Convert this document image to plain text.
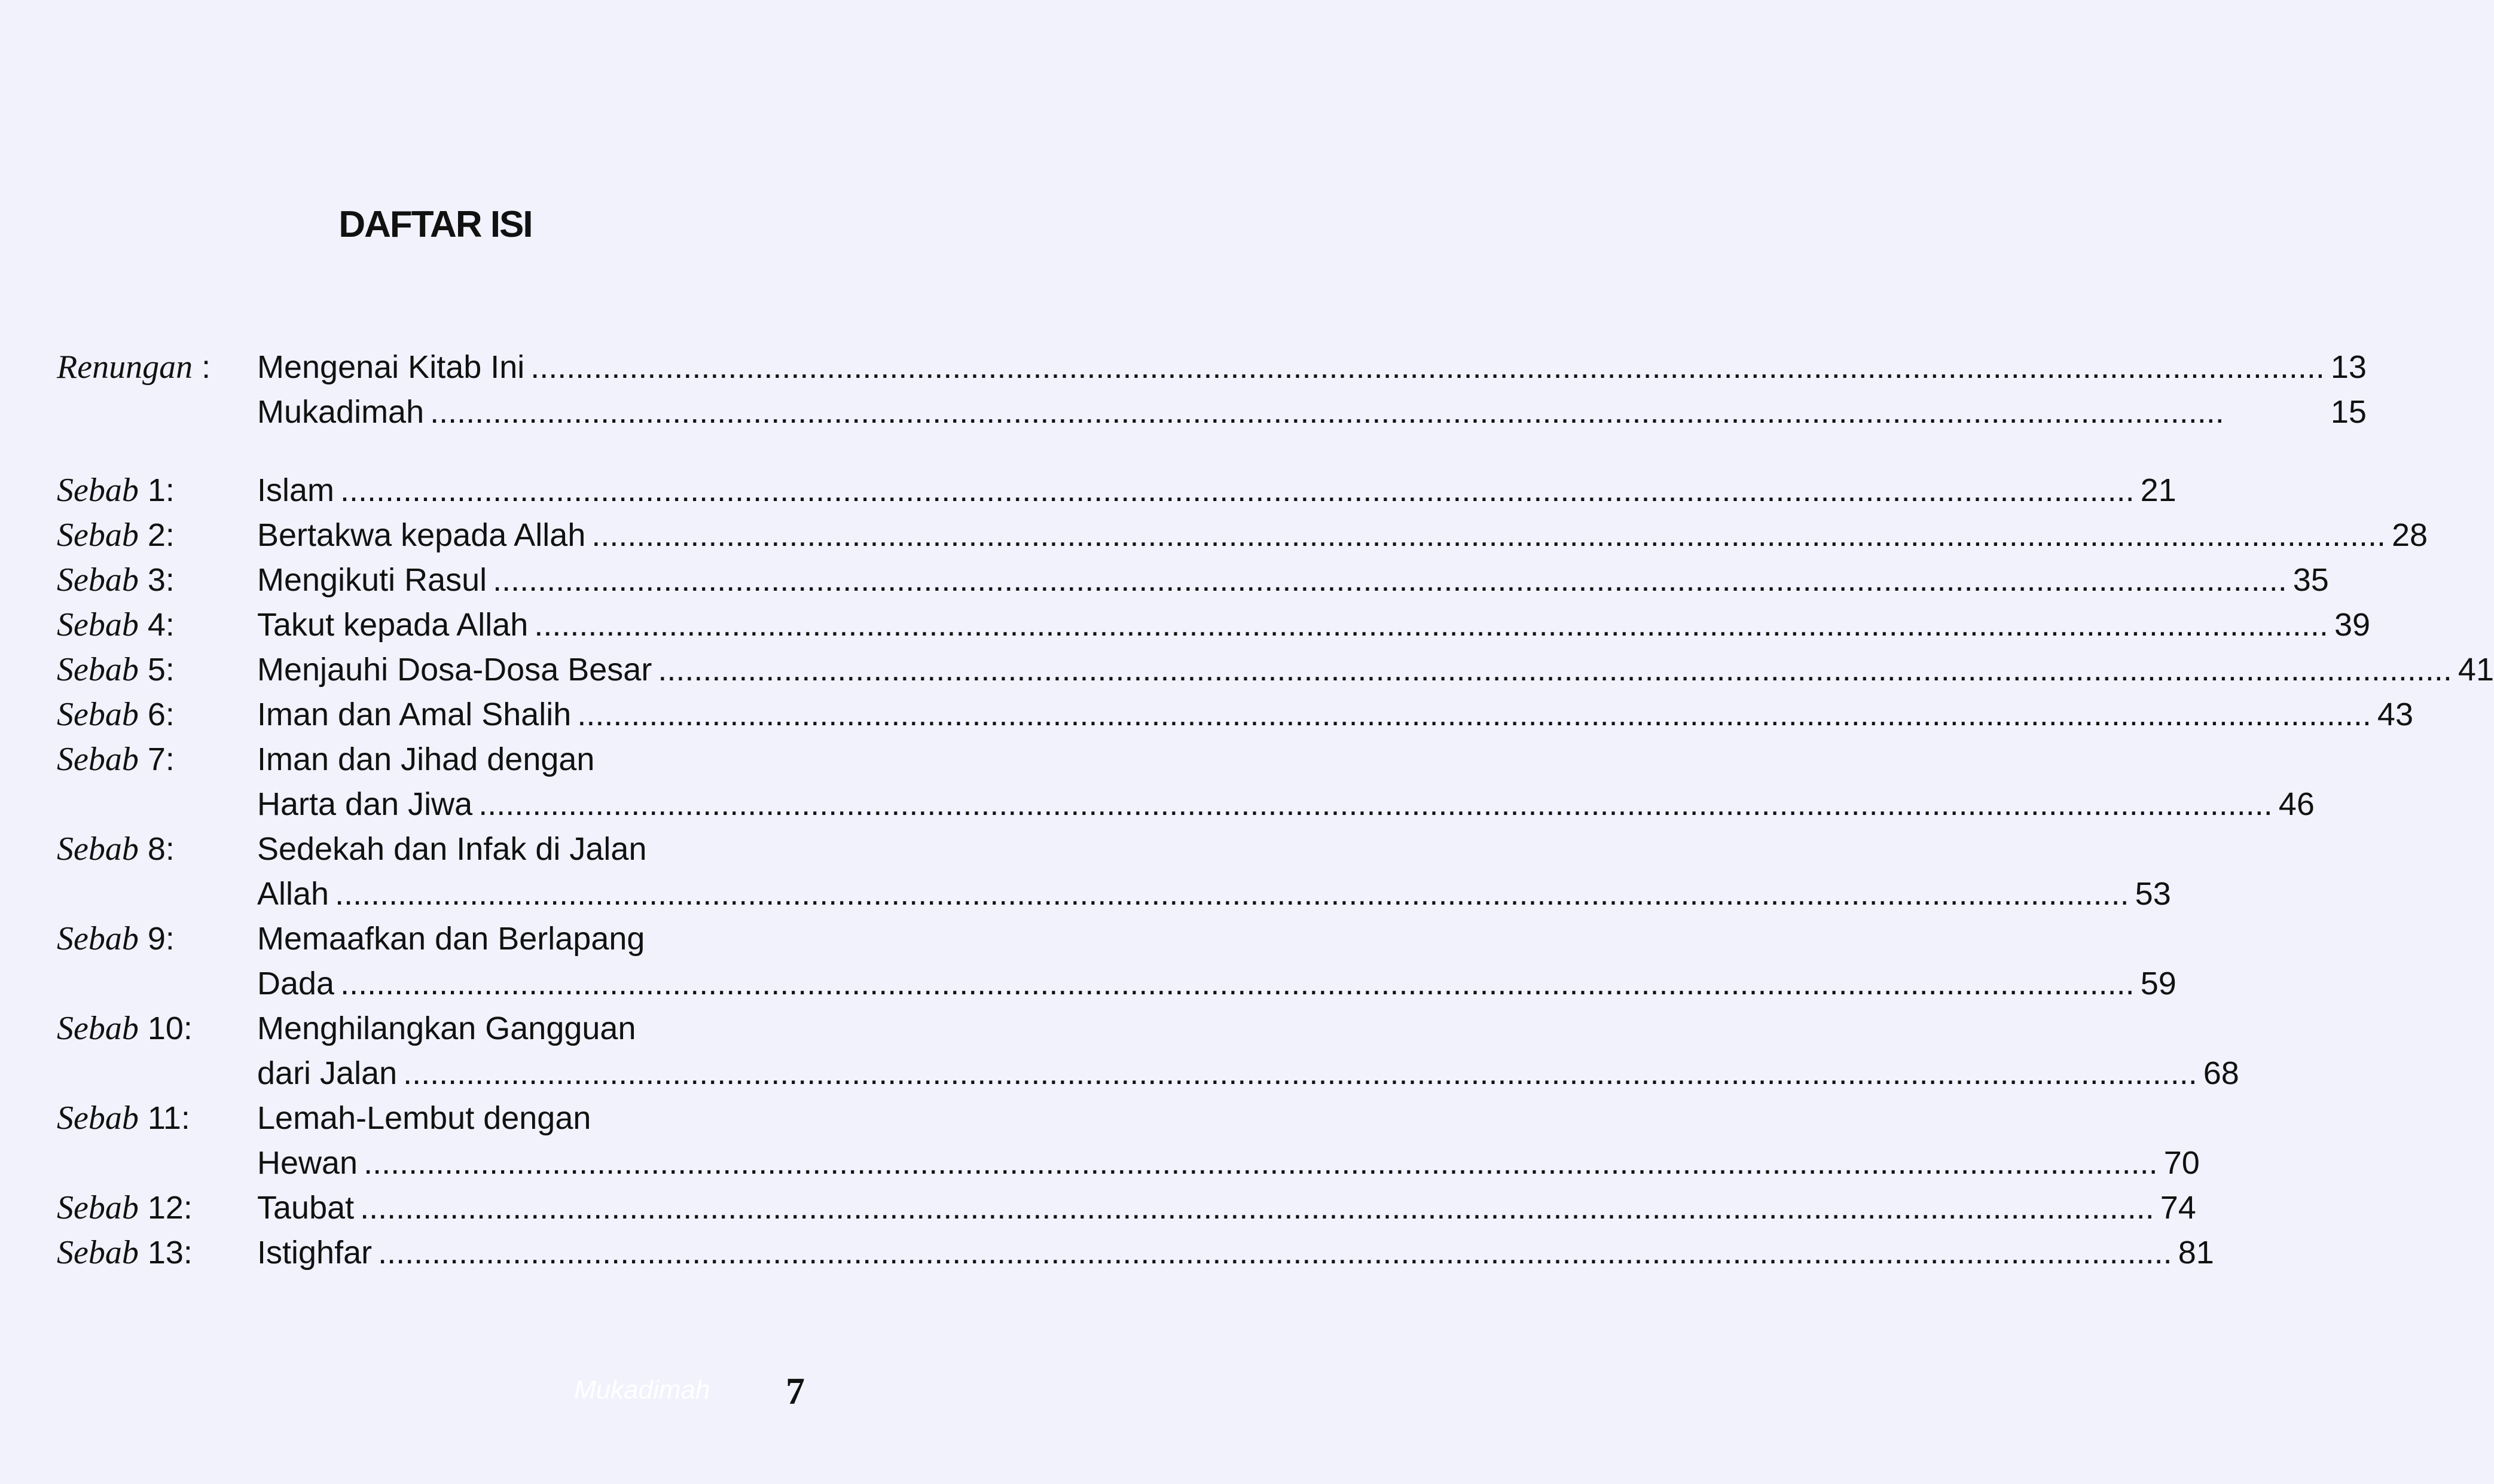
DAFTAR ISI
Renungan :	Mengenai Kitab Ini ........................................................................................................................................................................................................ 13
Mukadimah ........................................................................................................................................................................................................	15
Sebab 1:	Islam ........................................................................................................................................................................................................ 21
Sebab 2:	Bertakwa kepada Allah ........................................................................................................................................................................................................ 28
Sebab 3:	Mengikuti Rasul ........................................................................................................................................................................................................ 35
Sebab 4:	Takut kepada Allah ........................................................................................................................................................................................................ 39
Sebab 5:	Menjauhi Dosa-Dosa Besar ........................................................................................................................................................................................................ 41
Sebab 6:	Iman dan Amal Shalih ........................................................................................................................................................................................................ 43
Sebab 7:	Iman dan Jihad dengan
Harta dan Jiwa ........................................................................................................................................................................................................ 46
Sebab 8:	Sedekah dan Infak di Jalan
Allah ........................................................................................................................................................................................................ 53
Sebab 9:	Memaafkan dan Berlapang
Dada ........................................................................................................................................................................................................ 59
Sebab 10:	Menghilangkan Gangguan
dari Jalan ........................................................................................................................................................................................................ 68
Sebab 11:	Lemah-Lembut dengan
Hewan ........................................................................................................................................................................................................ 70
Sebab 12:	Taubat ........................................................................................................................................................................................................ 74
Sebab 13:	Istighfar ........................................................................................................................................................................................................ 81
Mukadimah 7
